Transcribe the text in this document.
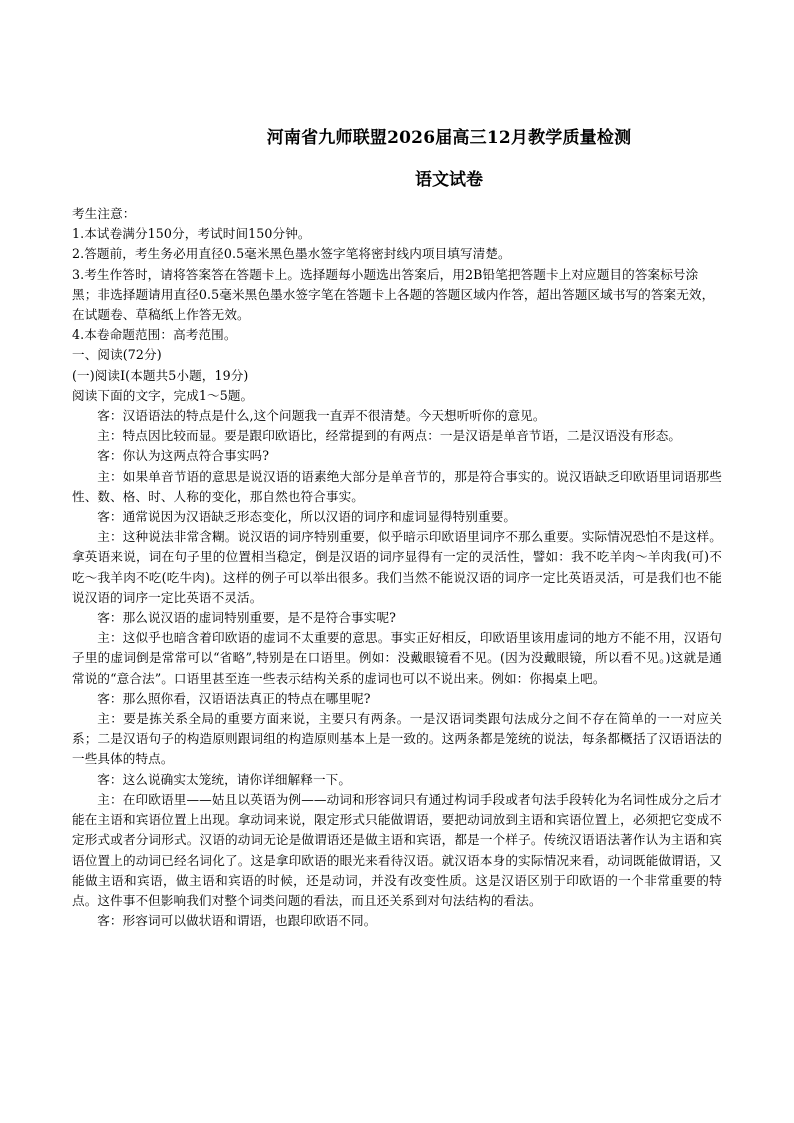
河南省九师联盟2026届高三12月教学质量检测
语文试卷

考生注意：

1.本试卷满分150分，考试时间150分钟。

2.答题前，考生务必用直径0.5毫米黑色墨水签字笔将密封线内项目填写清楚。

3.考生作答时，请将答案答在答题卡上。选择题每小题选出答案后，用2B铅笔把答题卡上对应题目的答案标号涂黑；非选择题请用直径0.5毫米黑色墨水签字笔在答题卡上各题的答题区域内作答，超出答题区域书写的答案无效，在试题卷、草稿纸上作答无效。

4.本卷命题范围：高考范围。

一、阅读(72分)

(一)阅读Ⅰ(本题共5小题，19分)

阅读下面的文字，完成1～5题。

客：汉语语法的特点是什么,这个问题我一直弄不很清楚。今天想听听你的意见。

主：特点因比较而显。要是跟印欧语比，经常提到的有两点：一是汉语是单音节语，二是汉语没有形态。

客：你认为这两点符合事实吗?

主：如果单音节语的意思是说汉语的语素绝大部分是单音节的，那是符合事实的。说汉语缺乏印欧语里词语那些性、数、格、时、人称的变化，那自然也符合事实。

客：通常说因为汉语缺乏形态变化，所以汉语的词序和虚词显得特别重要。

主：这种说法非常含糊。说汉语的词序特别重要，似乎暗示印欧语里词序不那么重要。实际情况恐怕不是这样。拿英语来说，词在句子里的位置相当稳定，倒是汉语的词序显得有一定的灵活性，譬如：我不吃羊肉～羊肉我(可)不吃～我羊肉不吃(吃牛肉)。这样的例子可以举出很多。我们当然不能说汉语的词序一定比英语灵活，可是我们也不能说汉语的词序一定比英语不灵活。

客：那么说汉语的虚词特别重要，是不是符合事实呢?

主：这似乎也暗含着印欧语的虚词不太重要的意思。事实正好相反，印欧语里该用虚词的地方不能不用，汉语句子里的虚词倒是常常可以“省略”,特别是在口语里。例如：没戴眼镜看不见。(因为没戴眼镜，所以看不见。)这就是通常说的“意合法”。口语里甚至连一些表示结构关系的虚词也可以不说出来。例如：你揭桌上吧。

客：那么照你看，汉语语法真正的特点在哪里呢?

主：要是拣关系全局的重要方面来说，主要只有两条。一是汉语词类跟句法成分之间不存在简单的一一对应关系；二是汉语句子的构造原则跟词组的构造原则基本上是一致的。这两条都是笼统的说法，每条都概括了汉语语法的一些具体的特点。

客：这么说确实太笼统，请你详细解释一下。

主：在印欧语里——姑且以英语为例——动词和形容词只有通过构词手段或者句法手段转化为名词性成分之后才能在主语和宾语位置上出现。拿动词来说，限定形式只能做谓语，要把动词放到主语和宾语位置上，必须把它变成不定形式或者分词形式。汉语的动词无论是做谓语还是做主语和宾语，都是一个样子。传统汉语语法著作认为主语和宾语位置上的动词已经名词化了。这是拿印欧语的眼光来看待汉语。就汉语本身的实际情况来看，动词既能做谓语，又能做主语和宾语，做主语和宾语的时候，还是动词，并没有改变性质。这是汉语区别于印欧语的一个非常重要的特点。这件事不但影响我们对整个词类问题的看法，而且还关系到对句法结构的看法。

客：形容词可以做状语和谓语，也跟印欧语不同。
